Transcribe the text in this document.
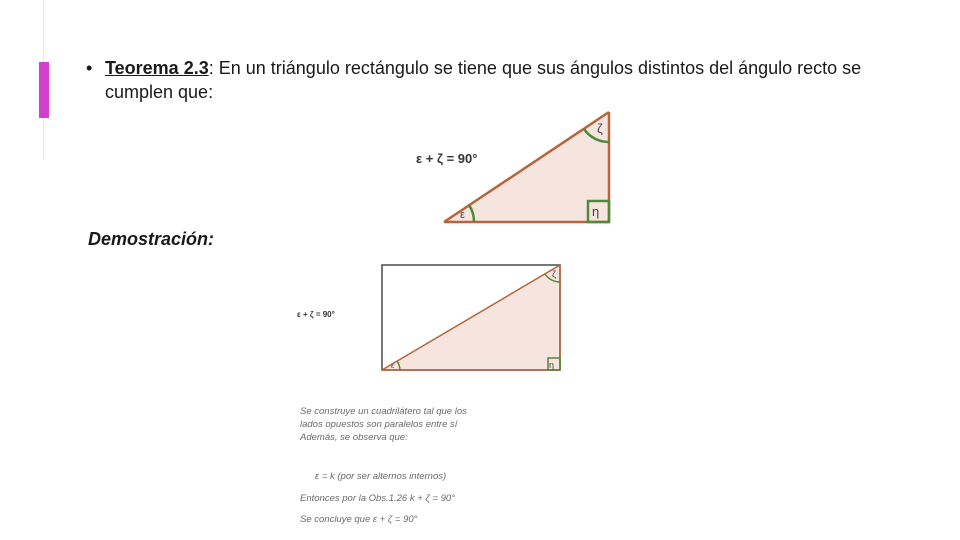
• Teorema 2.3: En un triángulo rectángulo se tiene que sus ángulos distintos del ángulo recto se cumplen que:
ε + ζ = 90°
ζ
ε	η
Demostración:
ε + ζ = 90°
ζ
ε	η
Se construye un cuadrilátero tal que los
lados opuestos son paralelos entre sí
Además, se observa que:
ε = k (por ser alternos internos)
Entonces por la Obs.1.26 k + ζ = 90°
Se concluye que ε + ζ = 90°
